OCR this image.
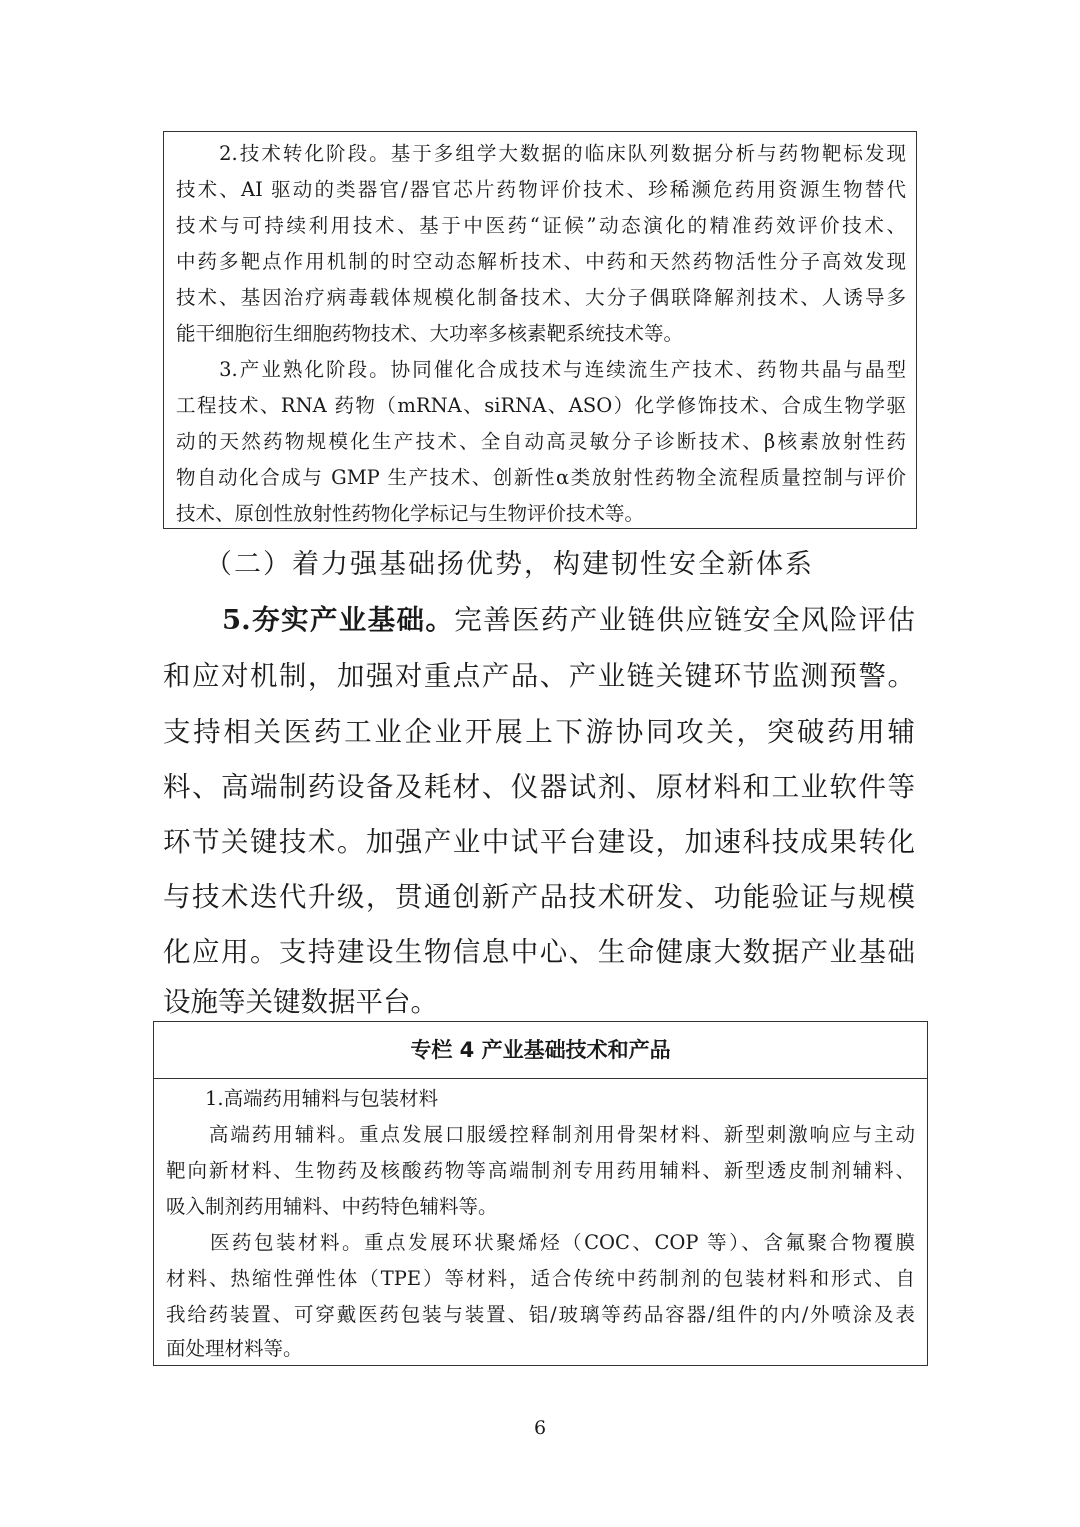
　　2.技术转化阶段。基于多组学大数据的临床队列数据分析与药物靶标发现

技术、AI 驱动的类器官/器官芯片药物评价技术、珍稀濒危药用资源生物替代

技术与可持续利用技术、基于中医药“证候”动态演化的精准药效评价技术、

中药多靶点作用机制的时空动态解析技术、中药和天然药物活性分子高效发现

技术、基因治疗病毒载体规模化制备技术、大分子偶联降解剂技术、人诱导多

能干细胞衍生细胞药物技术、大功率多核素靶系统技术等。

　　3.产业熟化阶段。协同催化合成技术与连续流生产技术、药物共晶与晶型

工程技术、RNA 药物（mRNA、siRNA、ASO）化学修饰技术、合成生物学驱

动的天然药物规模化生产技术、全自动高灵敏分子诊断技术、β核素放射性药

物自动化合成与 GMP 生产技术、创新性α类放射性药物全流程质量控制与评价

技术、原创性放射性药物化学标记与生物评价技术等。

（二）着力强基础扬优势，构建韧性安全新体系

5.夯实产业基础。完善医药产业链供应链安全风险评估

和应对机制，加强对重点产品、产业链关键环节监测预警。

支持相关医药工业企业开展上下游协同攻关，突破药用辅

料、高端制药设备及耗材、仪器试剂、原材料和工业软件等

环节关键技术。加强产业中试平台建设，加速科技成果转化

与技术迭代升级，贯通创新产品技术研发、功能验证与规模

化应用。支持建设生物信息中心、生命健康大数据产业基础

设施等关键数据平台。

专栏 4 产业基础技术和产品

　　1.高端药用辅料与包装材料

　　高端药用辅料。重点发展口服缓控释制剂用骨架材料、新型刺激响应与主动

靶向新材料、生物药及核酸药物等高端制剂专用药用辅料、新型透皮制剂辅料、

吸入制剂药用辅料、中药特色辅料等。

　　医药包装材料。重点发展环状聚烯烃（COC、COP 等）、含氟聚合物覆膜

材料、热缩性弹性体（TPE）等材料，适合传统中药制剂的包装材料和形式、自

我给药装置、可穿戴医药包装与装置、铝/玻璃等药品容器/组件的内/外喷涂及表

面处理材料等。

6
